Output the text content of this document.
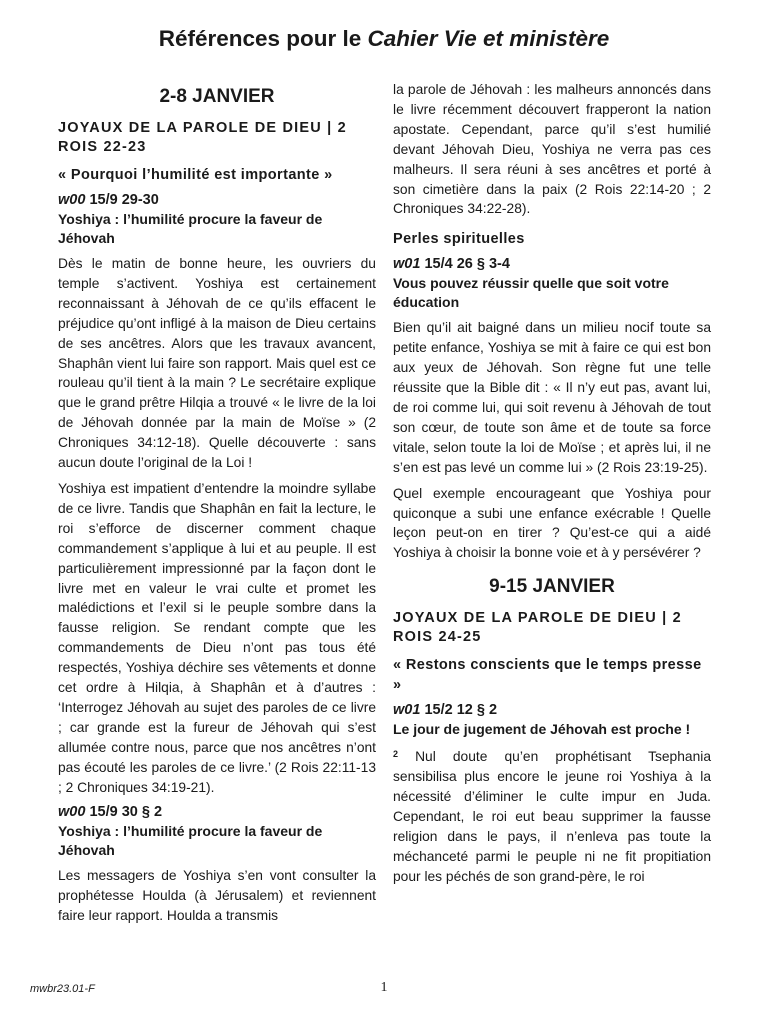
Références pour le Cahier Vie et ministère
2-8 JANVIER
JOYAUX DE LA PAROLE DE DIEU | 2 ROIS 22-23
« Pourquoi l’humilité est importante »
w00 15/9 29-30
Yoshiya : l’humilité procure la faveur de Jéhovah

Dès le matin de bonne heure, les ouvriers du temple s’activent. Yoshiya est certainement reconnaissant à Jéhovah de ce qu’ils effacent le préjudice qu’ont infligé à la maison de Dieu certains de ses ancêtres. Alors que les travaux avancent, Shaphân vient lui faire son rapport. Mais quel est ce rouleau qu’il tient à la main ? Le secrétaire explique que le grand prêtre Hilqia a trouvé « le livre de la loi de Jéhovah donnée par la main de Moïse » (2 Chroniques 34:12-18). Quelle découverte : sans aucun doute l’original de la Loi !

Yoshiya est impatient d’entendre la moindre syllabe de ce livre. Tandis que Shaphân en fait la lecture, le roi s’efforce de discerner comment chaque commandement s’applique à lui et au peuple. Il est particulièrement impressionné par la façon dont le livre met en valeur le vrai culte et promet les malédictions et l’exil si le peuple sombre dans la fausse religion. Se rendant compte que les commandements de Dieu n’ont pas tous été respectés, Yoshiya déchire ses vêtements et donne cet ordre à Hilqia, à Shaphân et à d’autres : ‘Interrogez Jéhovah au sujet des paroles de ce livre ; car grande est la fureur de Jéhovah qui s’est allumée contre nous, parce que nos ancêtres n’ont pas écouté les paroles de ce livre.’ (2 Rois 22:11-13 ; 2 Chroniques 34:19-21).

w00 15/9 30 § 2
Yoshiya : l’humilité procure la faveur de Jéhovah

Les messagers de Yoshiya s’en vont consulter la prophétesse Houlda (à Jérusalem) et reviennent faire leur rapport. Houlda a transmis

la parole de Jéhovah : les malheurs annoncés dans le livre récemment découvert frapperont la nation apostate. Cependant, parce qu’il s’est humilié devant Jéhovah Dieu, Yoshiya ne verra pas ces malheurs. Il sera réuni à ses ancêtres et porté à son cimetière dans la paix (2 Rois 22:14-20 ; 2 Chroniques 34:22-28).

Perles spirituelles
w01 15/4 26 § 3-4
Vous pouvez réussir quelle que soit votre éducation

Bien qu’il ait baigné dans un milieu nocif toute sa petite enfance, Yoshiya se mit à faire ce qui est bon aux yeux de Jéhovah. Son règne fut une telle réussite que la Bible dit : « Il n’y eut pas, avant lui, de roi comme lui, qui soit revenu à Jéhovah de tout son cœur, de toute son âme et de toute sa force vitale, selon toute la loi de Moïse ; et après lui, il ne s’en est pas levé un comme lui » (2 Rois 23:19-25).

Quel exemple encourageant que Yoshiya pour quiconque a subi une enfance exécrable ! Quelle leçon peut-on en tirer ? Qu’est-ce qui a aidé Yoshiya à choisir la bonne voie et à y persévérer ?

9-15 JANVIER
JOYAUX DE LA PAROLE DE DIEU | 2 ROIS 24-25
« Restons conscients que le temps presse »
w01 15/2 12 § 2
Le jour de jugement de Jéhovah est proche !

$^2$ Nul doute qu’en prophétisant Tsephania sensibilisa plus encore le jeune roi Yoshiya à la nécessité d’éliminer le culte impur en Juda. Cependant, le roi eut beau supprimer la fausse religion dans le pays, il n’enleva pas toute la méchanceté parmi le peuple ni ne fit propitiation pour les péchés de son grand-père, le roi

mwbr23.01-F	1
